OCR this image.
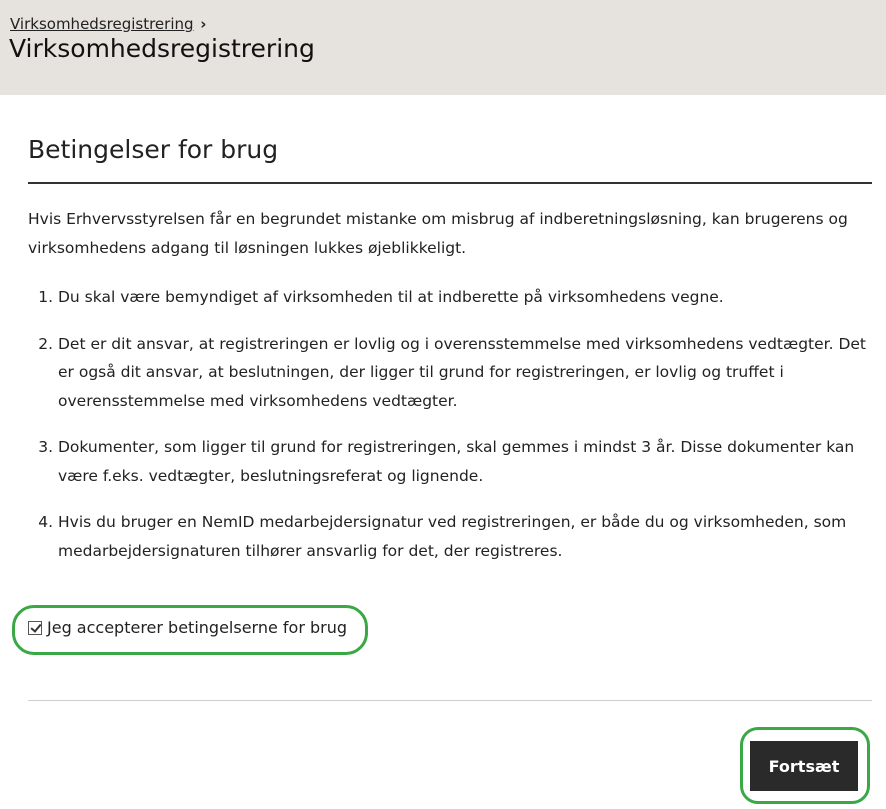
Virksomhedsregistrering ›
Virksomhedsregistrering
Betingelser for brug

Hvis Erhvervsstyrelsen får en begrundet mistanke om misbrug af indberetningsløsning, kan brugerens og virksomhedens adgang til løsningen lukkes øjeblikkeligt.

1. Du skal være bemyndiget af virksomheden til at indberette på virksomhedens vegne.
2. Det er dit ansvar, at registreringen er lovlig og i overensstemmelse med virksomhedens vedtægter. Det er også dit ansvar, at beslutningen, der ligger til grund for registreringen, er lovlig og truffet i overensstemmelse med virksomhedens vedtægter.
3. Dokumenter, som ligger til grund for registreringen, skal gemmes i mindst 3 år. Disse dokumenter kan være f.eks. vedtægter, beslutningsreferat og lignende.
4. Hvis du bruger en NemID medarbejdersignatur ved registreringen, er både du og virksomheden, som medarbejdersignaturen tilhører ansvarlig for det, der registreres.
Jeg accepterer betingelserne for brug
Fortsæt
